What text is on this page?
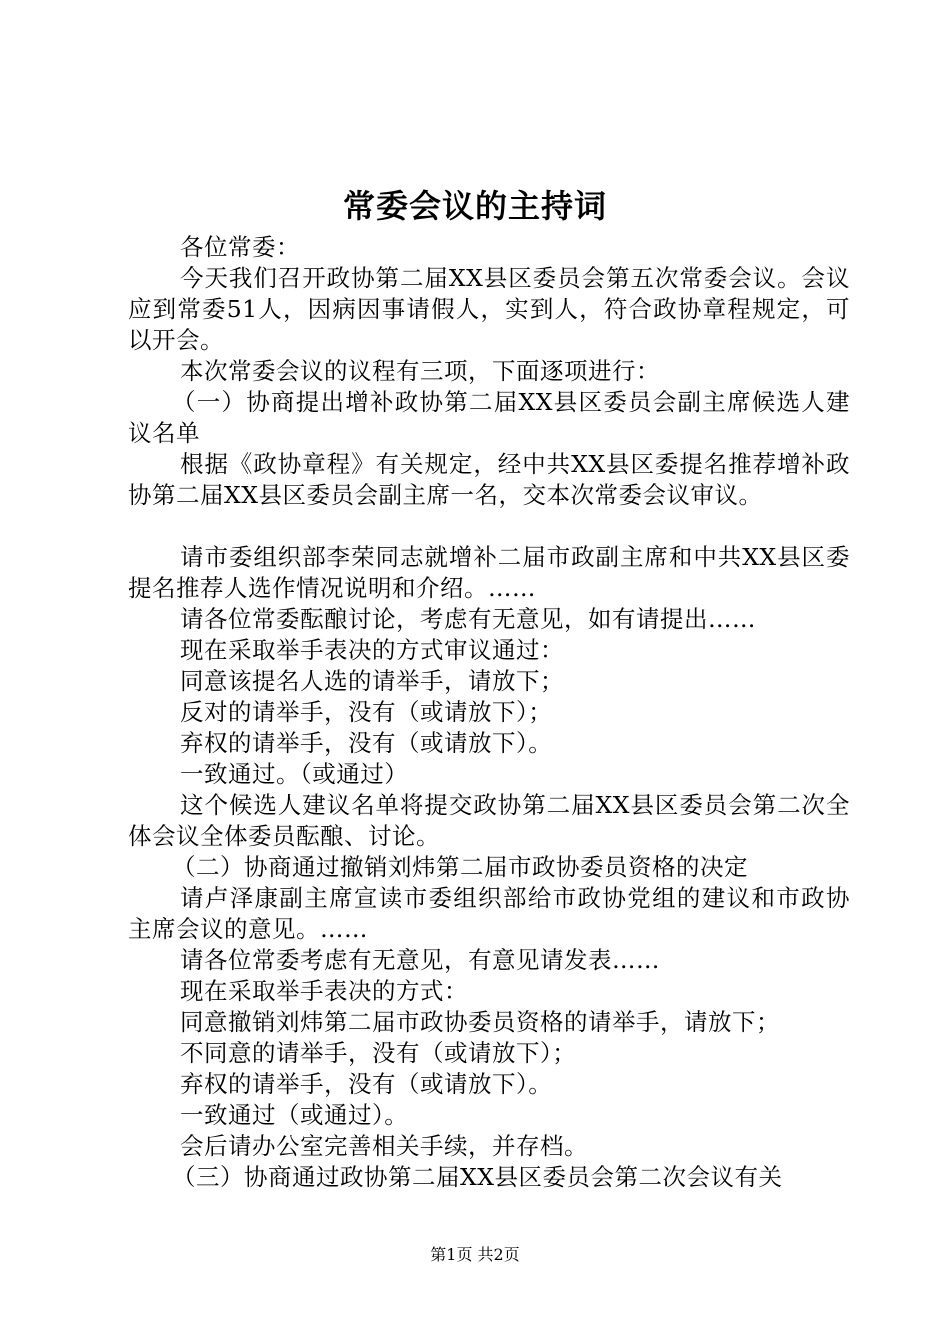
常委会议的主持词

各位常委：

今天我们召开政协第二届XX县区委员会第五次常委会议。会议应到常委51人，因病因事请假人，实到人，符合政协章程规定，可以开会。

本次常委会议的议程有三项，下面逐项进行：

（一）协商提出增补政协第二届XX县区委员会副主席候选人建议名单

根据《政协章程》有关规定，经中共XX县区委提名推荐增补政协第二届XX县区委员会副主席一名，交本次常委会议审议。

请市委组织部李荣同志就增补二届市政副主席和中共XX县区委提名推荐人选作情况说明和介绍。……

请各位常委酝酿讨论，考虑有无意见，如有请提出……

现在采取举手表决的方式审议通过：

同意该提名人选的请举手，请放下；

反对的请举手，没有（或请放下）；

弃权的请举手，没有（或请放下）。

一致通过。（或通过）

这个候选人建议名单将提交政协第二届XX县区委员会第二次全体会议全体委员酝酿、讨论。

（二）协商通过撤销刘炜第二届市政协委员资格的决定

请卢泽康副主席宣读市委组织部给市政协党组的建议和市政协主席会议的意见。……

请各位常委考虑有无意见，有意见请发表……

现在采取举手表决的方式：

同意撤销刘炜第二届市政协委员资格的请举手，请放下；

不同意的请举手，没有（或请放下）；

弃权的请举手，没有（或请放下）。

一致通过（或通过）。

会后请办公室完善相关手续，并存档。

（三）协商通过政协第二届XX县区委员会第二次会议有关

第1页 共2页
